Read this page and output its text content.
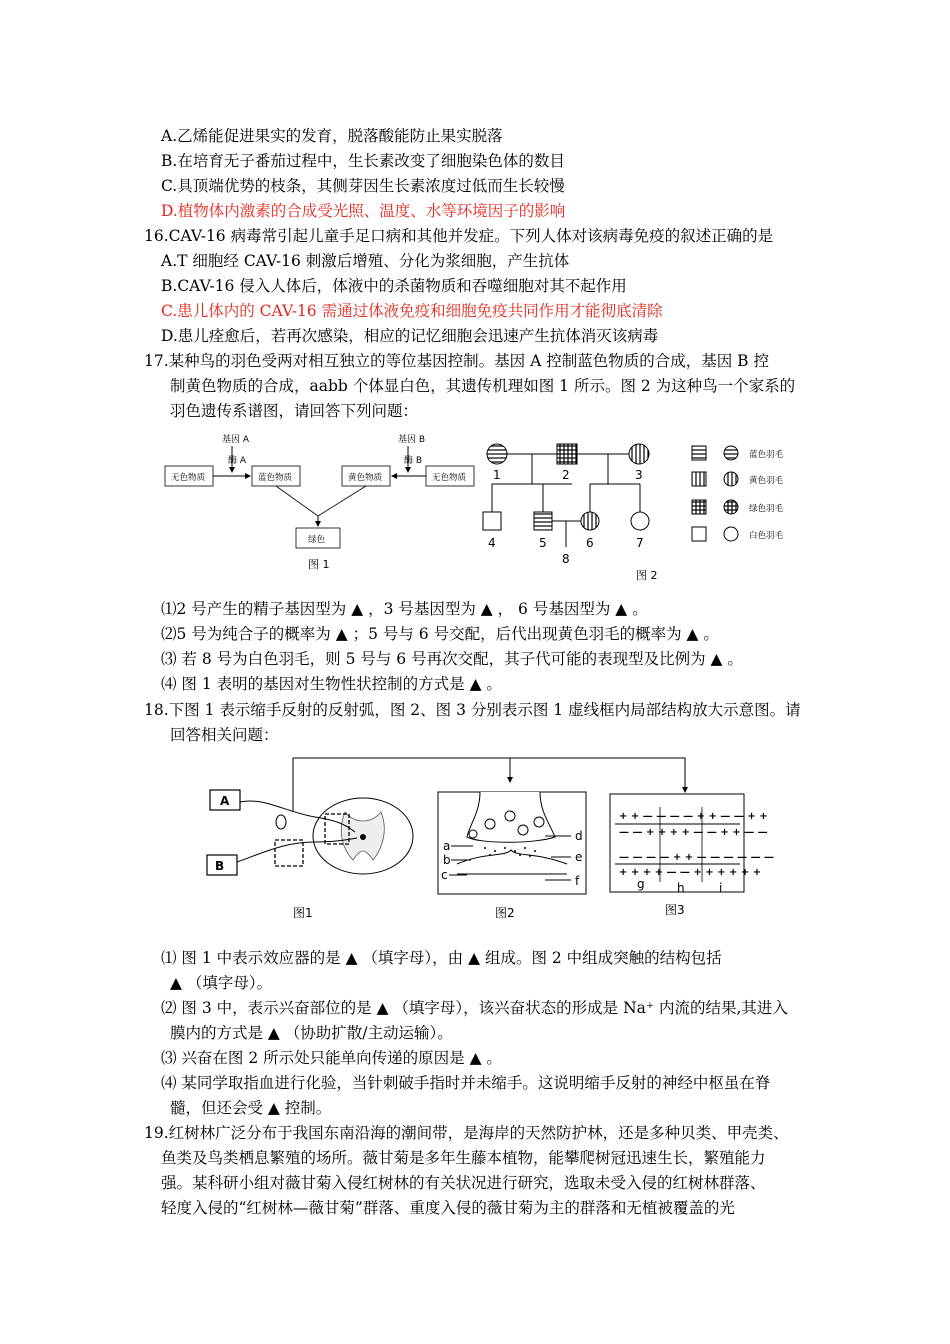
A.乙烯能促进果实的发育，脱落酸能防止果实脱落
B.在培育无子番茄过程中，生长素改变了细胞染色体的数目
C.具顶端优势的枝条，其侧芽因生长素浓度过低而生长较慢
D.植物体内激素的合成受光照、温度、水等环境因子的影响
16.CAV-16 病毒常引起儿童手足口病和其他并发症。下列人体对该病毒免疫的叙述正确的是
A.T 细胞经 CAV-16 刺激后增殖、分化为浆细胞，产生抗体
B.CAV-16 侵入人体后，体液中的杀菌物质和吞噬细胞对其不起作用
C.患儿体内的 CAV-16 需通过体液免疫和细胞免疫共同作用才能彻底清除
D.患儿痊愈后，若再次感染，相应的记忆细胞会迅速产生抗体消灭该病毒
17.某种鸟的羽色受两对相互独立的等位基因控制。基因 A 控制蓝色物质的合成，基因 B 控
制黄色物质的合成，aabb 个体显白色，其遗传机理如图 1 所示。图 2 为这种鸟一个家系的
羽色遗传系谱图，请回答下列问题：
基因 A
酶 A
基因 B
酶 B
无色物质	蓝色物质	黄色物质	无色物质
绿色
图 1
1	2	3
4	5	6	7
8
图 2
蓝色羽毛
黄色羽毛
绿色羽毛
白色羽毛
⑴2 号产生的精子基因型为 ▲ ，3 号基因型为 ▲ ， 6 号基因型为 ▲ 。
⑵5 号为纯合子的概率为 ▲ ；5 号与 6 号交配，后代出现黄色羽毛的概率为 ▲ 。
⑶ 若 8 号为白色羽毛，则 5 号与 6 号再次交配，其子代可能的表现型及比例为 ▲ 。
⑷ 图 1 表明的基因对生物性状控制的方式是 ▲ 。
18.下图 1 表示缩手反射的反射弧，图 2、图 3 分别表示图 1 虚线框内局部结构放大示意图。请
回答相关问题：
A
B
图1
a
b
c
d
e
f
图2
+ + — — — — + + — — + +
— — + + + + — — + + — —
— — — — + + — — — — — —
+ + + + — — + + + + + +
g	h	i
图3
⑴ 图 1 中表示效应器的是 ▲ （填字母），由 ▲ 组成。图 2 中组成突触的结构包括
▲ （填字母）。
⑵ 图 3 中，表示兴奋部位的是 ▲ （填字母），该兴奋状态的形成是 Na⁺ 内流的结果,其进入
膜内的方式是 ▲ （协助扩散/主动运输）。
⑶ 兴奋在图 2 所示处只能单向传递的原因是 ▲ 。
⑷ 某同学取指血进行化验，当针刺破手指时并未缩手。这说明缩手反射的神经中枢虽在脊
髓，但还会受 ▲ 控制。
19.红树林广泛分布于我国东南沿海的潮间带，是海岸的天然防护林，还是多种贝类、甲壳类、
鱼类及鸟类栖息繁殖的场所。薇甘菊是多年生藤本植物，能攀爬树冠迅速生长，繁殖能力
强。某科研小组对薇甘菊入侵红树林的有关状况进行研究，选取未受入侵的红树林群落、
轻度入侵的“红树林—薇甘菊”群落、重度入侵的薇甘菊为主的群落和无植被覆盖的光
